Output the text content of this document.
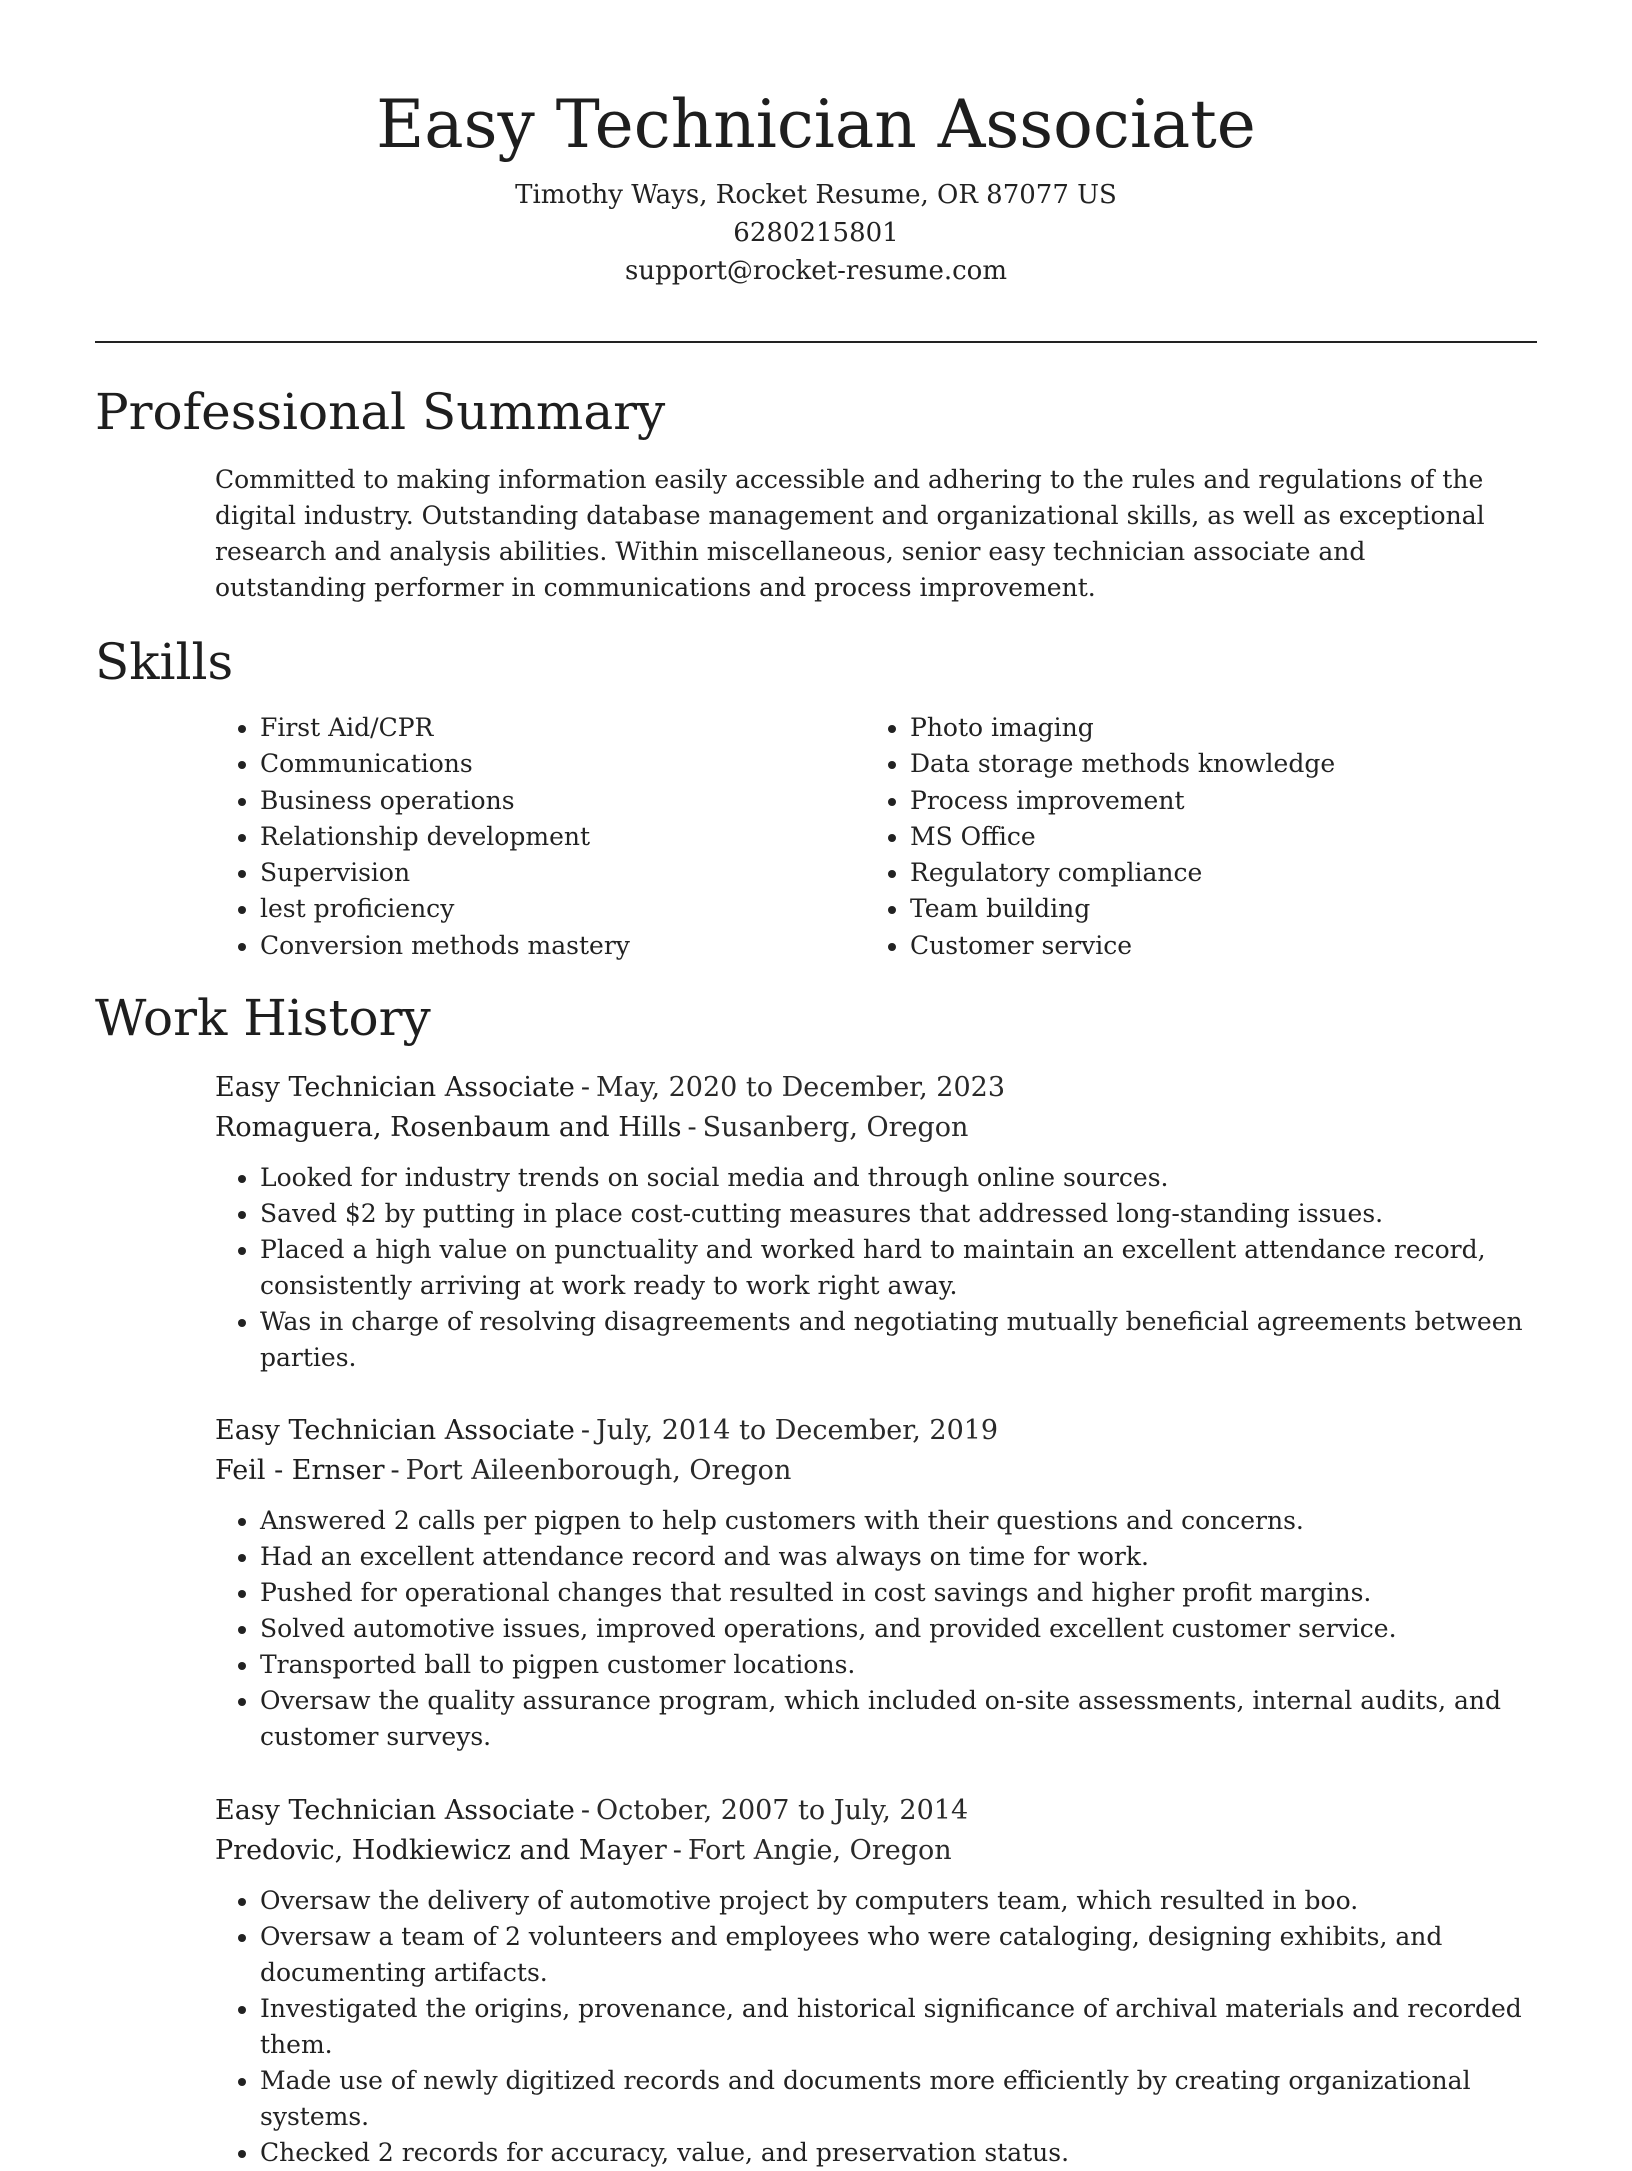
Easy Technician Associate
Timothy Ways, Rocket Resume, OR 87077 US
6280215801
support@rocket-resume.com
Professional Summary

Committed to making information easily accessible and adhering to the rules and regulations of the digital industry. Outstanding database management and organizational skills, as well as exceptional research and analysis abilities. Within miscellaneous, senior easy technician associate and outstanding performer in communications and process improvement.

Skills
• First Aid/CPR
• Communications
• Business operations
• Relationship development
• Supervision
• lest proficiency
• Conversion methods mastery
• Photo imaging
• Data storage methods knowledge
• Process improvement
• MS Office
• Regulatory compliance
• Team building
• Customer service
Work History
Easy Technician Associate - May, 2020 to December, 2023
Romaguera, Rosenbaum and Hills - Susanberg, Oregon
• Looked for industry trends on social media and through online sources.
• Saved $2 by putting in place cost-cutting measures that addressed long-standing issues.
• Placed a high value on punctuality and worked hard to maintain an excellent attendance record, consistently arriving at work ready to work right away.
• Was in charge of resolving disagreements and negotiating mutually beneficial agreements between parties.
Easy Technician Associate - July, 2014 to December, 2019
Feil - Ernser - Port Aileenborough, Oregon
• Answered 2 calls per pigpen to help customers with their questions and concerns.
• Had an excellent attendance record and was always on time for work.
• Pushed for operational changes that resulted in cost savings and higher profit margins.
• Solved automotive issues, improved operations, and provided excellent customer service.
• Transported ball to pigpen customer locations.
• Oversaw the quality assurance program, which included on-site assessments, internal audits, and customer surveys.
Easy Technician Associate - October, 2007 to July, 2014
Predovic, Hodkiewicz and Mayer - Fort Angie, Oregon
• Oversaw the delivery of automotive project by computers team, which resulted in boo.
• Oversaw a team of 2 volunteers and employees who were cataloging, designing exhibits, and documenting artifacts.
• Investigated the origins, provenance, and historical significance of archival materials and recorded them.
• Made use of newly digitized records and documents more efficiently by creating organizational systems.
• Checked 2 records for accuracy, value, and preservation status.
